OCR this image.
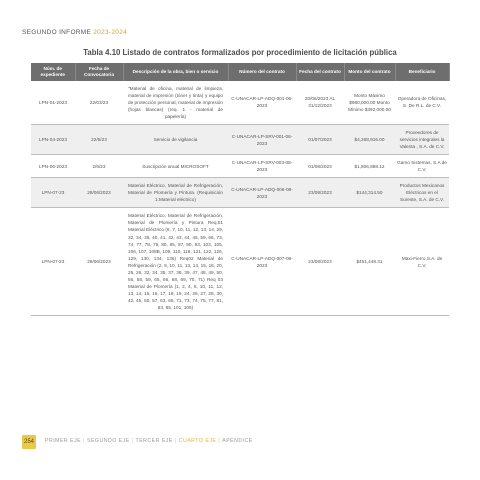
SEGUNDO INFORME 2023-2024
Tabla 4.10 Listado de contratos formalizados por procedimiento de licitación pública
Núm. de expediente	Fecha de Convocatoria	Descripción de la obra, bien o servicio	Número del contrato	Fecha del contrato	Monto del contrato	Beneficiario
LPN-01-2023	22/03/23	"Material de oficina, material de limpieza, material de impresión (tóner y tinta) y equipo de protección personal, material de impresión (hojas blancas) (req. 1 - material de papelería)	C-UNACAR-LP-ADQ-001-06-2023	20/06/2023 AL 31/12/2023	Monto Máximo $980,000.00 Monto Mínimo $392,000.00	Operadora de Oficinas, S. De R.L. de C.V.
LPN-04-2023	22/5/23	Servicio de vigilancia	C-UNACAR-LP-SRV-001-06-2023	01/07/2023	$4,268,916.00	Proveedores de servicios integrales la Valenta , S.A. de C.V.
LPN-06-2023	2/6/23	Suscripción anual MICROSOFT	C-UNACAR-LP-SRV-003-08-2023	01/08/2023	$1,806,888.12	Gamo Sistemas, S.A de C.V.
LPN-07-23	28/06/2023	Material Eléctrico, Material de Refrigeración, Material de Plomería y Pintura. (Requisición 1:Material eléctrico)	C-UNACAR-LP-ADQ-006-08-2023	23/08/2023	$144,314.50	Productos Mexicanos Eléctricos en el Sureste, S.A. de C.V.
LPN-07-23	28/06/2023	Material Eléctrico, Material de Refrigeración, Material de Plomería y Pintura Req.01 Material Eléctrico (6, 7, 10, 11, 12, 13, 14, 29, 32, 34, 35, 40, 41, 42, 43, 44, 45, 59, 66, 73, 74, 77, 78, 79, 80, 85, 87, 90, 93, 103, 105, 106, 107, 108B, 109, 110, 118, 121, 122, 126, 129, 130, 134, 136) Req02 Material de Refrigeración (2, 9, 10, 11, 13, 14, 15, 16, 20, 25, 26, 32, 34, 35, 37, 38, 39, 47, 48, 49, 50, 56, 58, 59, 65, 66, 68, 69, 70, 71) Req 03 Material de Plomería (1, 2, 4, 6, 10, 11, 12, 13, 14, 15, 16, 17, 18, 19, 24, 26, 27, 28, 30, 42, 45, 50, 57, 63, 65, 71, 73, 74, 75, 77, 81, 83, 85, 101, 105)	C-UNACAR-LP-ADQ-007-08-2023	23/08/2023	$451,448.31	Maxi-Fierro,S.A. de C.V.
254	PRIMER EJE | SEGUNDO EJE | TERCER EJE | CUARTO EJE | APÉNDICE
